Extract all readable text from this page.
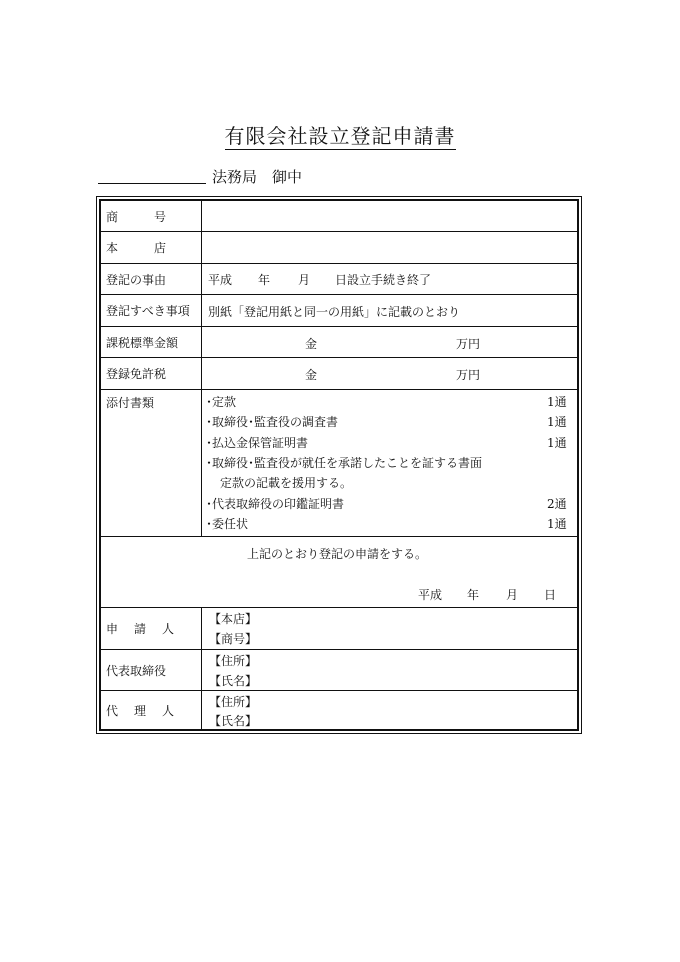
有限会社設立登記申請書
法務局　御中
商　　　号
本　　　店
登記の事由	平成 年 月 日設立手続き終了
登記すべき事項	別紙「登記用紙と同一の用紙」に記載のとおり
課税標準金額	金	万円
登録免許税	金	万円
添付書類	･定款	1通
･取締役･監査役の調査書	1通
･払込金保管証明書	1通
･取締役･監査役が就任を承諾したことを証する書面
定款の記載を援用する。
･代表取締役の印鑑証明書	2通
･委任状	1通
上記のとおり登記の申請をする。
平成 年 月 日
申　請　人
【本店】
【商号】
代表取締役
【住所】
【氏名】
代　理　人
【住所】
【氏名】
